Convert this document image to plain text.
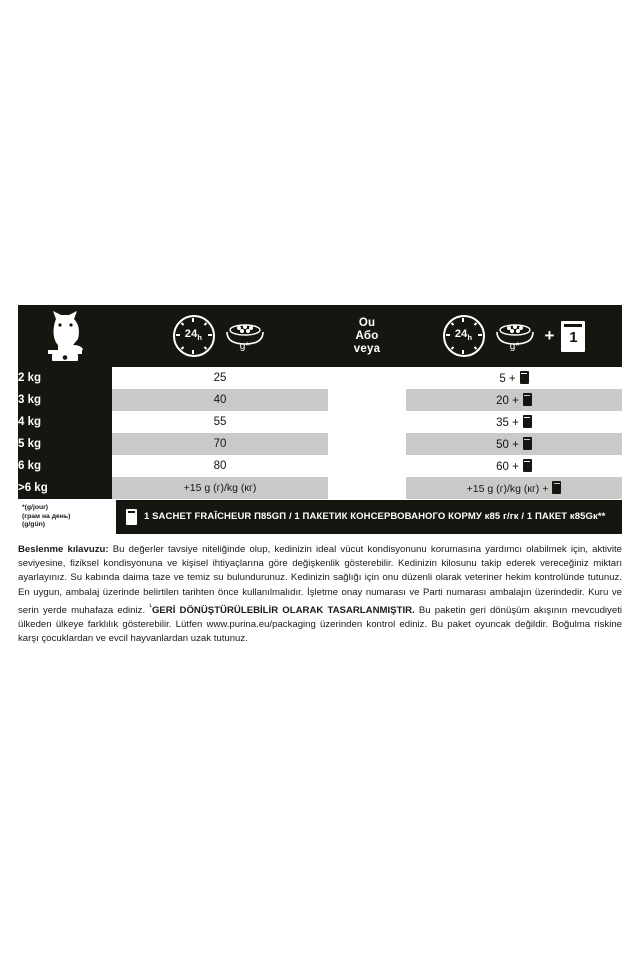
$24_h$
g*

Ou
Або
veya

$24_h$
g*
+ 1

2 kg	25		5 +
3 kg	40		20 +
4 kg	55		35 +
5 kg	70		50 +
6 kg	80		60 +
>6 kg	+15 g (г)/kg (кг)		+15 g (г)/kg (кг) +
*(g/jour)
(грам на день)
(g/gün)
1 SACHET FRAÎCHEUR П85GП / 1 ПАКЕТИК КОНСЕРВОВАНОГО КОРМУ к85 г/гк / 1 ПАКЕТ к85Gк**
Beslenme kılavuzu: Bu değerler tavsiye niteliğinde olup, kedinizin ideal vücut kondisyonunu korumasına yardımcı olabilmek için, aktivite seviyesine, fiziksel kondisyonuna ve kişisel ihtiyaçlarına göre değişkenlik gösterebilir. Kedinizin kilosunu takip ederek vereceğiniz miktarı ayarlayınız. Su kabında daima taze ve temiz su bulundurunuz. Kedinizin sağlığı için onu düzenli olarak veteriner hekim kontrolünde tutunuz. En uygun, ambalaj üzerinde belirtilen tarihten önce kullanılmalıdır. İşletme onay numarası ve Parti numarası ambalajın üzerindedir. Kuru ve serin yerde muhafaza ediniz. $^{^1}$GERİ DÖNÜŞTÜRÜLEBİLİR OLARAK TASARLANMIŞTIR. Bu paketin geri dönüşüm akışının mevcudiyeti ülkeden ülkeye farklılık gösterebilir. Lütfen www.purina.eu/packaging üzerinden kontrol ediniz. Bu paket oyuncak değildir. Boğulma riskine karşı çocuklardan ve evcil hayvanlardan uzak tutunuz.
